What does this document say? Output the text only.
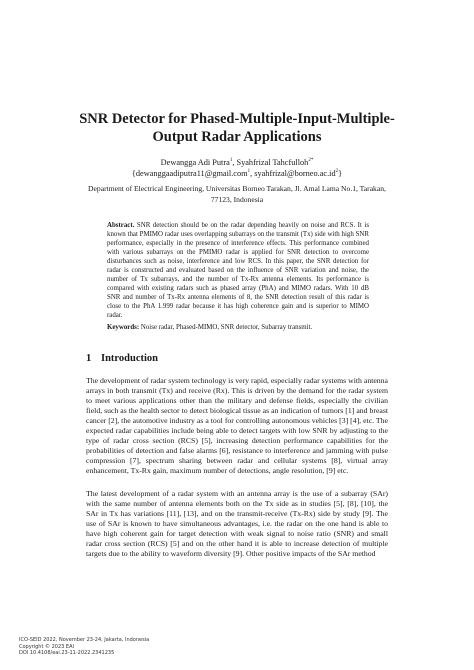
SNR Detector for Phased-Multiple-Input-Multiple-
Output Radar Applications
Dewangga Adi Putra$^1$, Syahfrizal Tahcfulloh$^{2*}$
{dewanggaadiputra11@gmail.com$^1$, $syahfrizal@borneo.ac.id^2$}
Department of Electrical Engineering, Universitas Borneo Tarakan, Jl. Amal Lama No.1, Tarakan,
77123, Indonesia

Abstract. SNR detection should be on the radar depending heavily on noise and RCS. It is known that PMIMO radar uses overlapping subarrays on the transmit (Tx) side with high SNR performance, especially in the presence of interference effects. This performance combined with various subarrays on the PMIMO radar is applied for SNR detection to overcome disturbances such as noise, interference and low RCS. In this paper, the SNR detection for radar is constructed and evaluated based on the influence of SNR variation and noise, the number of Tx subarrays, and the number of Tx-Rx antenna elements. Its performance is compared with existing radars such as phased array (PhA) and MIMO radars. With 10 dB SNR and number of Tx-Rx antenna elements of 8, the SNR detection result of this radar is close to the PhA 1.999 radar because it has high coherence gain and is superior to MIMO radar.

Keywords: Noise radar, Phased-MIMO, SNR detector, Subarray transmit.

1 Introduction

The development of radar system technology is very rapid, especially radar systems with antenna arrays in both transmit (Tx) and receive (Rx). This is driven by the demand for the radar system to meet various applications other than the military and defense fields, especially the civilian field, such as the health sector to detect biological tissue as an indication of tumors [1] and breast cancer [2], the automotive industry as a tool for controlling autonomous vehicles [3] [4], etc. The expected radar capabilities include being able to detect targets with low SNR by adjusting to the type of radar cross section (RCS) [5], increasing detection performance capabilities for the probabilities of detection and false alarms [6], resistance to interference and jamming with pulse compression [7], spectrum sharing between radar and cellular systems [8], virtual array enhancement, Tx-Rx gain, maximum number of detections, angle resolution, [9] etc.

The latest development of a radar system with an antenna array is the use of a subarray (SAr) with the same number of antenna elements both on the Tx side as in studies [5], [8], [10], the SAr in Tx has variations [11], [13], and on the transmit-receive (Tx-Rx) side by study [9]. The use of SAr is known to have simultaneous advantages, i.e. the radar on the one hand is able to have high coherent gain for target detection with weak signal to noise ratio (SNR) and small radar cross section (RCS) [5] and on the other hand it is able to increase detection of multiple targets due to the ability to waveform diversity [9]. Other positive impacts of the SAr method

ICO-SEID 2022, November 23-24, Jakarta, Indonesia
Copyright © 2023 EAI
DOI 10.4108/eai.23-11-2022.2341235
